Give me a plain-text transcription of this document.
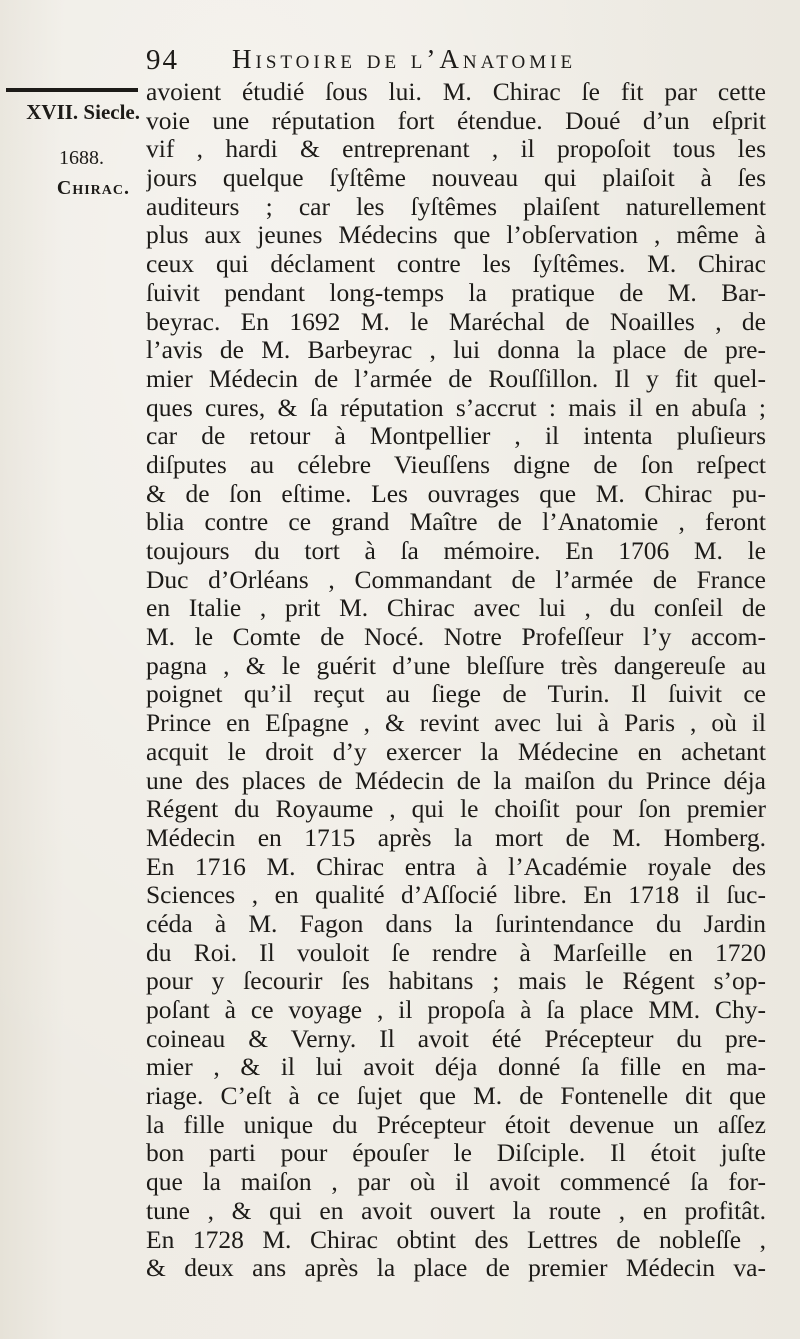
94 Histoire de l’Anatomie
XVII. Siecle.
1688.
Chirac.
avoient étudié ſous lui. M. Chirac ſe fit par cette
voie une réputation fort étendue. Doué d’un eſprit
vif , hardi & entreprenant , il propoſoit tous les
jours quelque ſyſtême nouveau qui plaiſoit à ſes
auditeurs ; car les ſyſtêmes plaiſent naturellement
plus aux jeunes Médecins que l’obſervation , même à
ceux qui déclament contre les ſyſtêmes. M. Chirac
ſuivit pendant long-temps la pratique de M. Bar-
beyrac. En 1692 M. le Maréchal de Noailles , de
l’avis de M. Barbeyrac , lui donna la place de pre-
mier Médecin de l’armée de Rouſſillon. Il y fit quel-
ques cures, & ſa réputation s’accrut : mais il en abuſa ;
car de retour à Montpellier , il intenta pluſieurs
diſputes au célebre Vieuſſens digne de ſon reſpect
& de ſon eſtime. Les ouvrages que M. Chirac pu-
blia contre ce grand Maître de l’Anatomie , feront
toujours du tort à ſa mémoire. En 1706 M. le
Duc d’Orléans , Commandant de l’armée de France
en Italie , prit M. Chirac avec lui , du conſeil de
M. le Comte de Nocé. Notre Profeſſeur l’y accom-
pagna , & le guérit d’une bleſſure très dangereuſe au
poignet qu’il reçut au ſiege de Turin. Il ſuivit ce
Prince en Eſpagne , & revint avec lui à Paris , où il
acquit le droit d’y exercer la Médecine en achetant
une des places de Médecin de la maiſon du Prince déja
Régent du Royaume , qui le choiſit pour ſon premier
Médecin en 1715 après la mort de M. Homberg.
En 1716 M. Chirac entra à l’Académie royale des
Sciences , en qualité d’Aſſocié libre. En 1718 il ſuc-
céda à M. Fagon dans la ſurintendance du Jardin
du Roi. Il vouloit ſe rendre à Marſeille en 1720
pour y ſecourir ſes habitans ; mais le Régent s’op-
poſant à ce voyage , il propoſa à ſa place MM. Chy-
coineau & Verny. Il avoit été Précepteur du pre-
mier , & il lui avoit déja donné ſa fille en ma-
riage. C’eſt à ce ſujet que M. de Fontenelle dit que
la fille unique du Précepteur étoit devenue un aſſez
bon parti pour épouſer le Diſciple. Il étoit juſte
que la maiſon , par où il avoit commencé ſa for-
tune , & qui en avoit ouvert la route , en profitât.
En 1728 M. Chirac obtint des Lettres de nobleſſe ,
& deux ans après la place de premier Médecin va-
